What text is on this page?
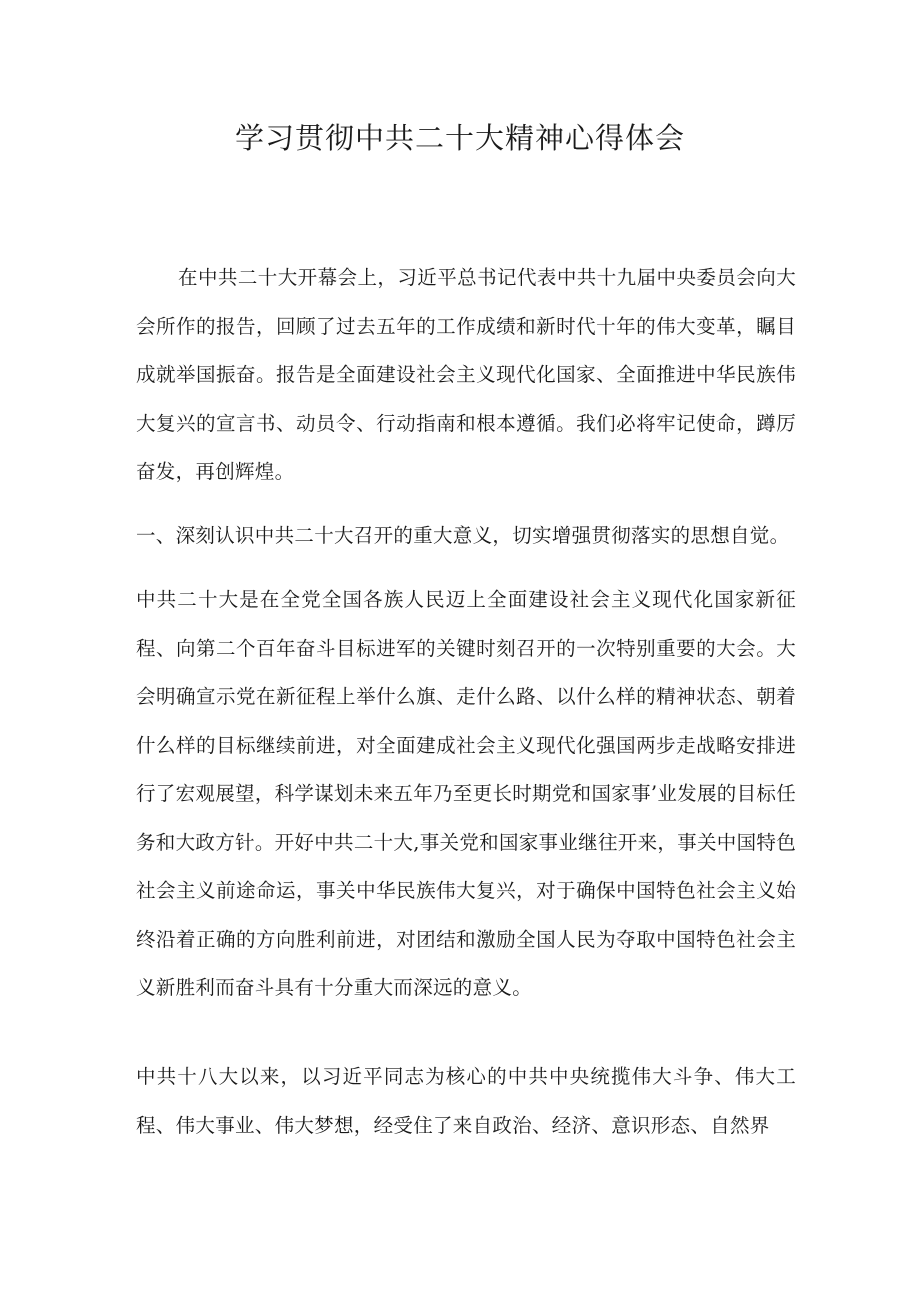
学习贯彻中共二十大精神心得体会

在中共二十大开幕会上，习近平总书记代表中共十九届中央委员会向大会所作的报告，回顾了过去五年的工作成绩和新时代十年的伟大变革，瞩目成就举国振奋。报告是全面建设社会主义现代化国家、全面推进中华民族伟大复兴的宣言书、动员令、行动指南和根本遵循。我们必将牢记使命，蹲厉奋发，再创辉煌。

一、深刻认识中共二十大召开的重大意义，切实增强贯彻落实的思想自觉。

中共二十大是在全党全国各族人民迈上全面建设社会主义现代化国家新征程、向第二个百年奋斗目标进军的关键时刻召开的一次特别重要的大会。大会明确宣示党在新征程上举什么旗、走什么路、以什么样的精神状态、朝着什么样的目标继续前进，对全面建成社会主义现代化强国两步走战略安排进行了宏观展望，科学谋划未来五年乃至更长时期党和国家事’业发展的目标任务和大政方针。开好中共二十大,事关党和国家事业继往开来，事关中国特色社会主义前途命运，事关中华民族伟大复兴，对于确保中国特色社会主义始终沿着正确的方向胜利前进，对团结和激励全国人民为夺取中国特色社会主义新胜利而奋斗具有十分重大而深远的意义。

中共十八大以来，以习近平同志为核心的中共中央统揽伟大斗争、伟大工程、伟大事业、伟大梦想，经受住了来自政治、经济、意识形态、自然界
